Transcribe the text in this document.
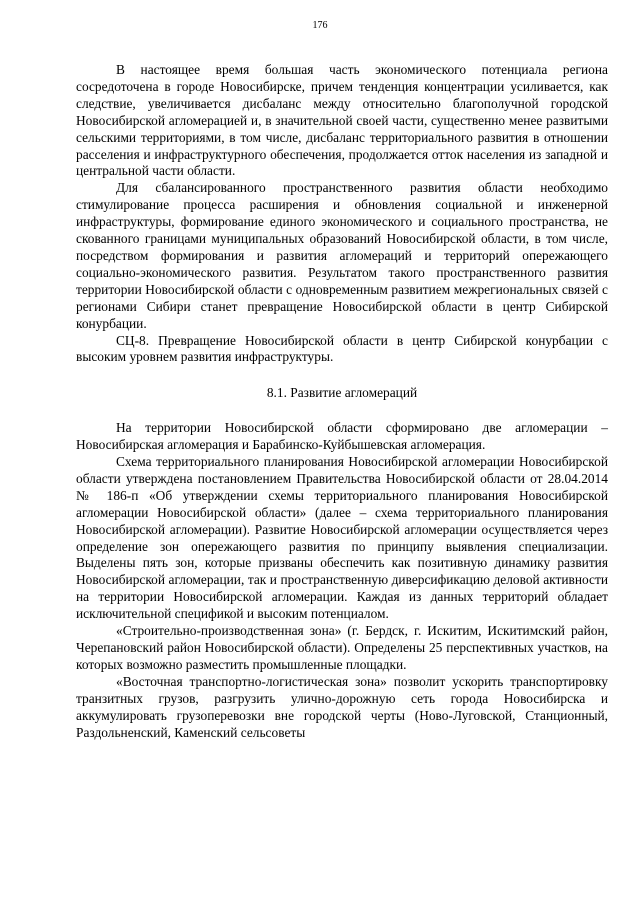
176

В настоящее время большая часть экономического потенциала региона сосредоточена в городе Новосибирске, причем тенденция концентрации усиливается, как следствие, увеличивается дисбаланс между относительно благополучной городской Новосибирской агломерацией и, в значительной своей части, существенно менее развитыми сельскими территориями, в том числе, дисбаланс территориального развития в отношении расселения и инфраструктурного обеспечения, продолжается отток населения из западной и центральной части области.

Для сбалансированного пространственного развития области необходимо стимулирование процесса расширения и обновления социальной и инженерной инфраструктуры, формирование единого экономического и социального пространства, не скованного границами муниципальных образований Новосибирской области, в том числе, посредством формирования и развития агломераций и территорий опережающего социально-экономического развития. Результатом такого пространственного развития территории Новосибирской области с одновременным развитием межрегиональных связей с регионами Сибири станет превращение Новосибирской области в центр Сибирской конурбации.

СЦ-8. Превращение Новосибирской области в центр Сибирской конурбации с высоким уровнем развития инфраструктуры.

8.1. Развитие агломераций

На территории Новосибирской области сформировано две агломерации – Новосибирская агломерация и Барабинско-Куйбышевская агломерация.

Схема территориального планирования Новосибирской агломерации Новосибирской области утверждена постановлением Правительства Новосибирской области от 28.04.2014 № 186-п «Об утверждении схемы территориального планирования Новосибирской агломерации Новосибирской области» (далее – схема территориального планирования Новосибирской агломерации). Развитие Новосибирской агломерации осуществляется через определение зон опережающего развития по принципу выявления специализации. Выделены пять зон, которые призваны обеспечить как позитивную динамику развития Новосибирской агломерации, так и пространственную диверсификацию деловой активности на территории Новосибирской агломерации. Каждая из данных территорий обладает исключительной спецификой и высоким потенциалом.

«Строительно-производственная зона» (г. Бердск, г. Искитим, Искитимский район, Черепановский район Новосибирской области). Определены 25 перспективных участков, на которых возможно разместить промышленные площадки.

«Восточная транспортно-логистическая зона» позволит ускорить транспортировку транзитных грузов, разгрузить улично-дорожную сеть города Новосибирска и аккумулировать грузоперевозки вне городской черты (Ново-Луговской, Станционный, Раздольненский, Каменский сельсоветы
